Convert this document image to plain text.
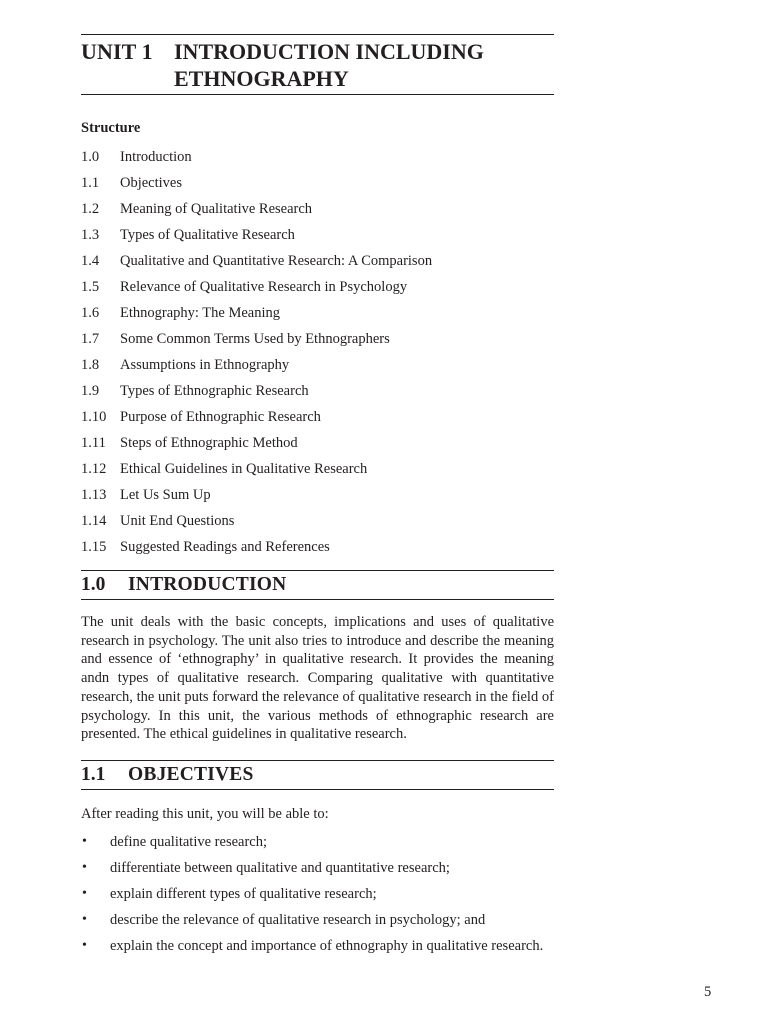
UNIT 1 INTRODUCTION INCLUDING ETHNOGRAPHY
Structure
1.0 Introduction
1.1 Objectives
1.2 Meaning of Qualitative Research
1.3 Types of Qualitative Research
1.4 Qualitative and Quantitative Research: A Comparison
1.5 Relevance of Qualitative Research in Psychology
1.6 Ethnography: The Meaning
1.7 Some Common Terms Used by Ethnographers
1.8 Assumptions in Ethnography
1.9 Types of Ethnographic Research
1.10 Purpose of Ethnographic Research
1.11 Steps of Ethnographic Method
1.12 Ethical Guidelines in Qualitative Research
1.13 Let Us Sum Up
1.14 Unit End Questions
1.15 Suggested Readings and References
1.0 INTRODUCTION

The unit deals with the basic concepts, implications and uses of qualitative research in psychology. The unit also tries to introduce and describe the meaning and essence of ‘ethnography’ in qualitative research. It provides the meaning andn types of qualitative research. Comparing qualitative with quantitative research, the unit puts forward the relevance of qualitative research in the field of psychology. In this unit, the various methods of ethnographic research are presented. The ethical guidelines in qualitative research.

1.1 OBJECTIVES

After reading this unit, you will be able to:

• define qualitative research;
• differentiate between qualitative and quantitative research;
• explain different types of qualitative research;
• describe the relevance of qualitative research in psychology; and
• explain the concept and importance of ethnography in qualitative research.
5
